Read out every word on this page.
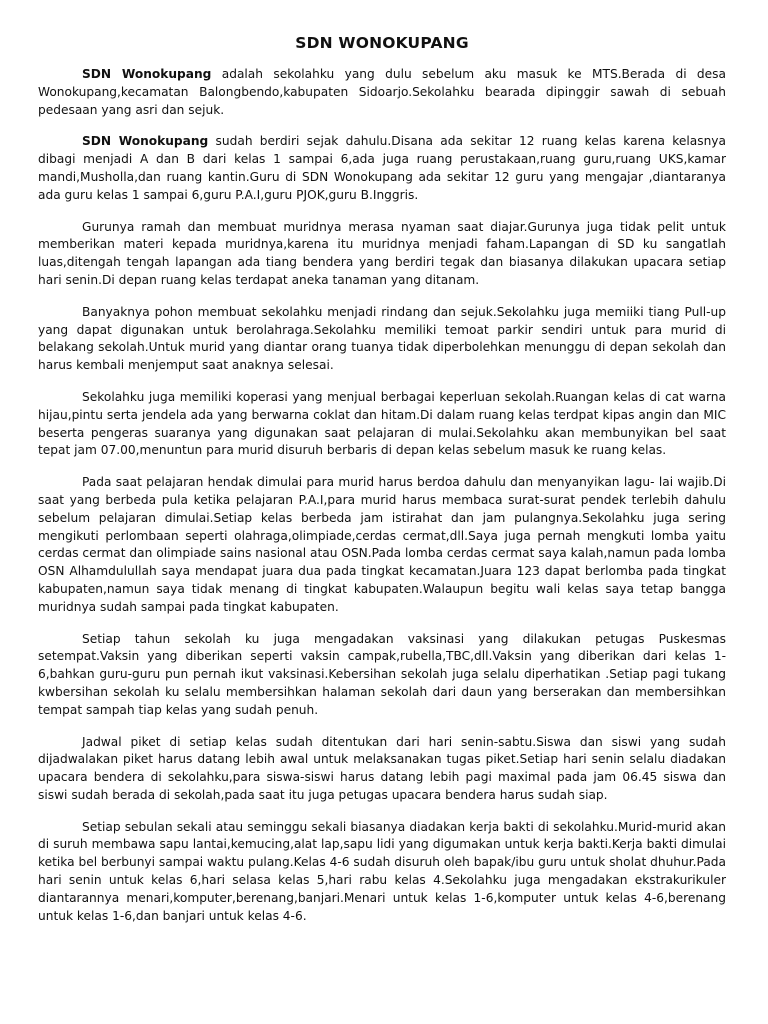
SDN WONOKUPANG

SDN Wonokupang adalah sekolahku yang dulu sebelum aku masuk ke MTS.Berada di desa Wonokupang,kecamatan Balongbendo,kabupaten Sidoarjo.Sekolahku bearada dipinggir sawah di sebuah pedesaan yang asri dan sejuk.

SDN Wonokupang sudah berdiri sejak dahulu.Disana ada sekitar 12 ruang kelas karena kelasnya dibagi menjadi A dan B dari kelas 1 sampai 6,ada juga ruang perustakaan,ruang guru,ruang UKS,kamar mandi,Musholla,dan ruang kantin.Guru di SDN Wonokupang ada sekitar 12 guru yang mengajar ,diantaranya ada guru kelas 1 sampai 6,guru P.A.I,guru PJOK,guru B.Inggris.

Gurunya ramah dan membuat muridnya merasa nyaman saat diajar.Gurunya juga tidak pelit untuk memberikan materi kepada muridnya,karena itu muridnya menjadi faham.Lapangan di SD ku sangatlah luas,ditengah tengah lapangan ada tiang bendera yang berdiri tegak dan biasanya dilakukan upacara setiap hari senin.Di depan ruang kelas terdapat aneka tanaman yang ditanam.

Banyaknya pohon membuat sekolahku menjadi rindang dan sejuk.Sekolahku juga memiiki tiang Pull-up yang dapat digunakan untuk berolahraga.Sekolahku memiliki temoat parkir sendiri untuk para murid di belakang sekolah.Untuk murid yang diantar orang tuanya tidak diperbolehkan menunggu di depan sekolah dan harus kembali menjemput saat anaknya selesai.

Sekolahku juga memiliki koperasi yang menjual berbagai keperluan sekolah.Ruangan kelas di cat warna hijau,pintu serta jendela ada yang berwarna coklat dan hitam.Di dalam ruang kelas terdpat kipas angin dan MIC beserta pengeras suaranya yang digunakan saat pelajaran di mulai.Sekolahku akan membunyikan bel saat tepat jam 07.00,menuntun para murid disuruh berbaris di depan kelas sebelum masuk ke ruang kelas.

Pada saat pelajaran hendak dimulai para murid harus berdoa dahulu dan menyanyikan lagu- lai wajib.Di saat yang berbeda pula ketika pelajaran P.A.I,para murid harus membaca surat-surat pendek terlebih dahulu sebelum pelajaran dimulai.Setiap kelas berbeda jam istirahat dan jam pulangnya.Sekolahku juga sering mengikuti perlombaan seperti olahraga,olimpiade,cerdas cermat,dll.Saya juga pernah mengkuti lomba yaitu cerdas cermat dan olimpiade sains nasional atau OSN.Pada lomba cerdas cermat saya kalah,namun pada lomba OSN Alhamdulullah saya mendapat juara dua pada tingkat kecamatan.Juara 123 dapat berlomba pada tingkat kabupaten,namun saya tidak menang di tingkat kabupaten.Walaupun begitu wali kelas saya tetap bangga muridnya sudah sampai pada tingkat kabupaten.

Setiap tahun sekolah ku juga mengadakan vaksinasi yang dilakukan petugas Puskesmas setempat.Vaksin yang diberikan seperti vaksin campak,rubella,TBC,dll.Vaksin yang diberikan dari kelas 1-6,bahkan guru-guru pun pernah ikut vaksinasi.Kebersihan sekolah juga selalu diperhatikan .Setiap pagi tukang kwbersihan sekolah ku selalu membersihkan halaman sekolah dari daun yang berserakan dan membersihkan tempat sampah tiap kelas yang sudah penuh.

Jadwal piket di setiap kelas sudah ditentukan dari hari senin-sabtu.Siswa dan siswi yang sudah dijadwalakan piket harus datang lebih awal untuk melaksanakan tugas piket.Setiap hari senin selalu diadakan upacara bendera di sekolahku,para siswa-siswi harus datang lebih pagi maximal pada jam 06.45 siswa dan siswi sudah berada di sekolah,pada saat itu juga petugas upacara bendera harus sudah siap.

Setiap sebulan sekali atau seminggu sekali biasanya diadakan kerja bakti di sekolahku.Murid-murid akan di suruh membawa sapu lantai,kemucing,alat lap,sapu lidi yang digumakan untuk kerja bakti.Kerja bakti dimulai ketika bel berbunyi sampai waktu pulang.Kelas 4-6 sudah disuruh oleh bapak/ibu guru untuk sholat dhuhur.Pada hari senin untuk kelas 6,hari selasa kelas 5,hari rabu kelas 4.Sekolahku juga mengadakan ekstrakurikuler diantarannya menari,komputer,berenang,banjari.Menari untuk kelas 1-6,komputer untuk kelas 4-6,berenang untuk kelas 1-6,dan banjari untuk kelas 4-6.
